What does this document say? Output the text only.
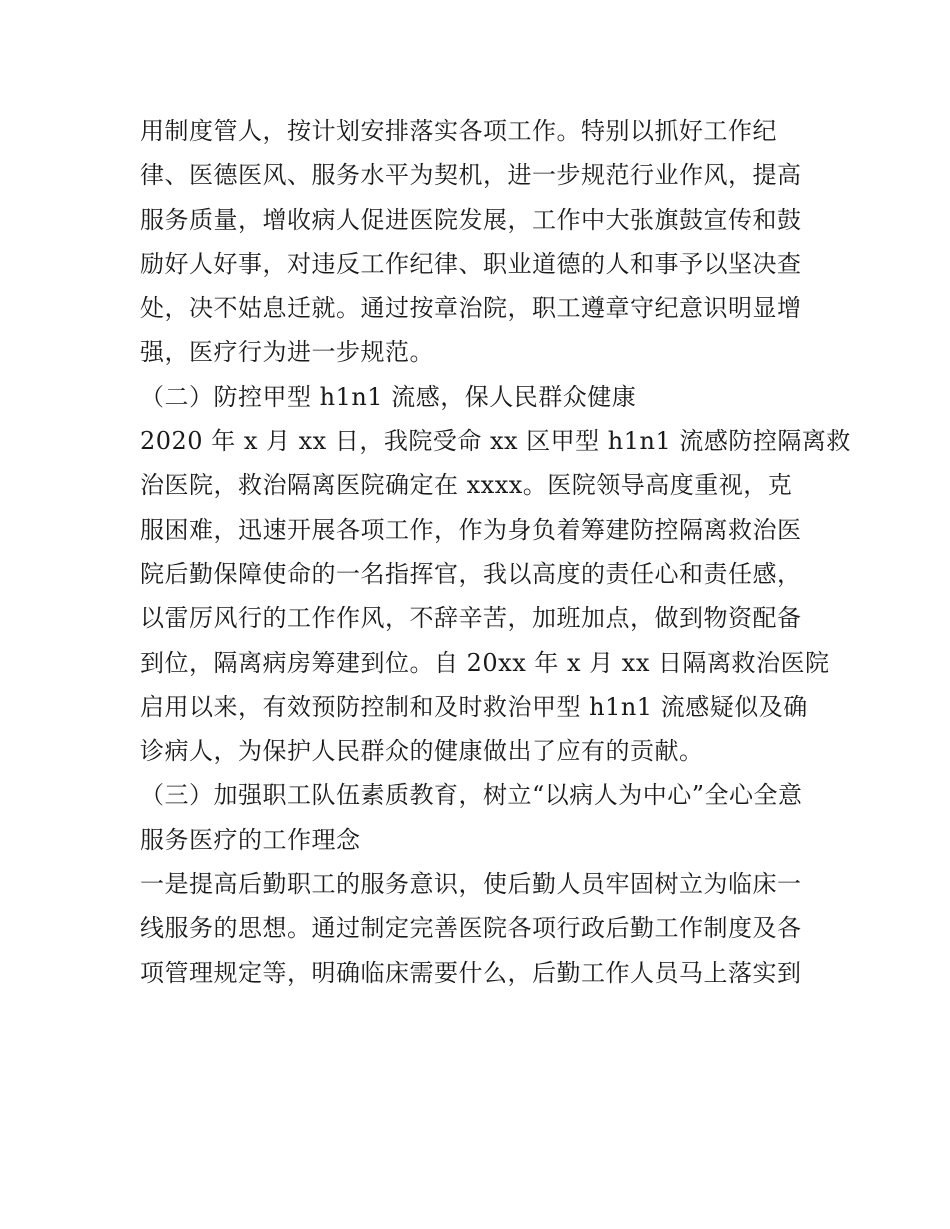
用制度管人，按计划安排落实各项工作。特别以抓好工作纪
律、医德医风、服务水平为契机，进一步规范行业作风，提高
服务质量，增收病人促进医院发展，工作中大张旗鼓宣传和鼓
励好人好事，对违反工作纪律、职业道德的人和事予以坚决查
处，决不姑息迁就。通过按章治院，职工遵章守纪意识明显增
强，医疗行为进一步规范。
（二）防控甲型 h1n1 流感，保人民群众健康
2020 年 x 月 xx 日，我院受命 xx 区甲型 h1n1 流感防控隔离救
治医院，救治隔离医院确定在 xxxx。医院领导高度重视，克
服困难，迅速开展各项工作，作为身负着筹建防控隔离救治医
院后勤保障使命的一名指挥官，我以高度的责任心和责任感，
以雷厉风行的工作作风，不辞辛苦，加班加点，做到物资配备
到位，隔离病房筹建到位。自 20xx 年 x 月 xx 日隔离救治医院
启用以来，有效预防控制和及时救治甲型 h1n1 流感疑似及确
诊病人，为保护人民群众的健康做出了应有的贡献。
（三）加强职工队伍素质教育，树立“以病人为中心”全心全意
服务医疗的工作理念
一是提高后勤职工的服务意识，使后勤人员牢固树立为临床一
线服务的思想。通过制定完善医院各项行政后勤工作制度及各
项管理规定等，明确临床需要什么，后勤工作人员马上落实到
